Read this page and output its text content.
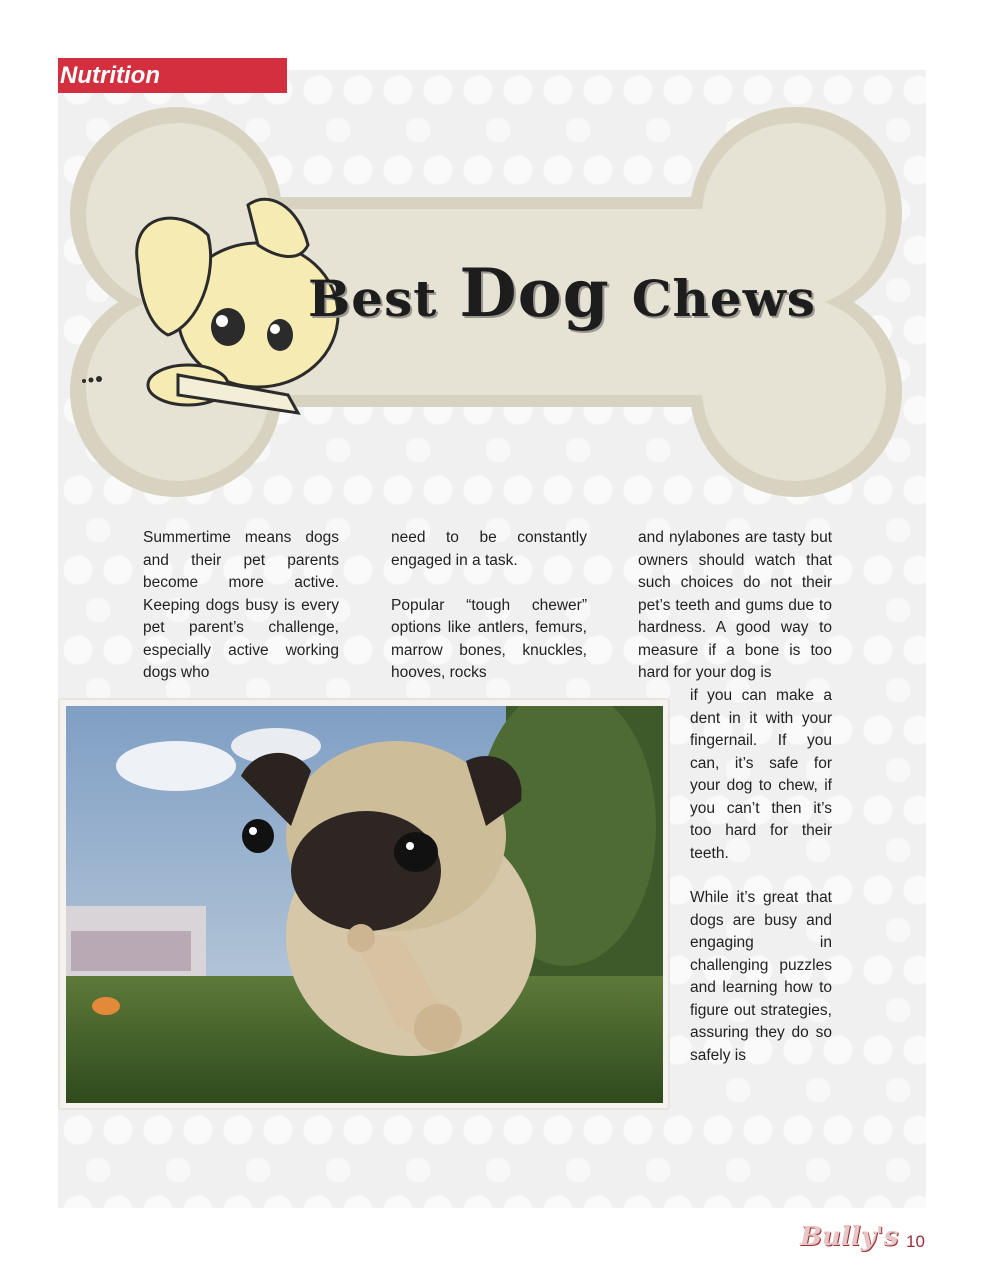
Nutrition
Best Dog Chews

Summertime means dogs and their pet parents become more active. Keeping dogs busy is every pet parent’s challenge, especially active working dogs who

need to be constantly engaged in a task.

Popular “tough chewer” options like antlers, femurs, marrow bones, knuckles, hooves, rocks

and nylabones are tasty but owners should watch that such choices do not their pet’s teeth and gums due to hardness. A good way to measure if a bone is too hard for your dog is

if you can make a dent in it with your fingernail. If you can, it’s safe for your dog to chew, if you can’t then it’s too hard for their teeth.

While it’s great that dogs are busy and engaging in challenging puzzles and learning how to figure out strategies, assuring they do so safely is

Bully's 10
